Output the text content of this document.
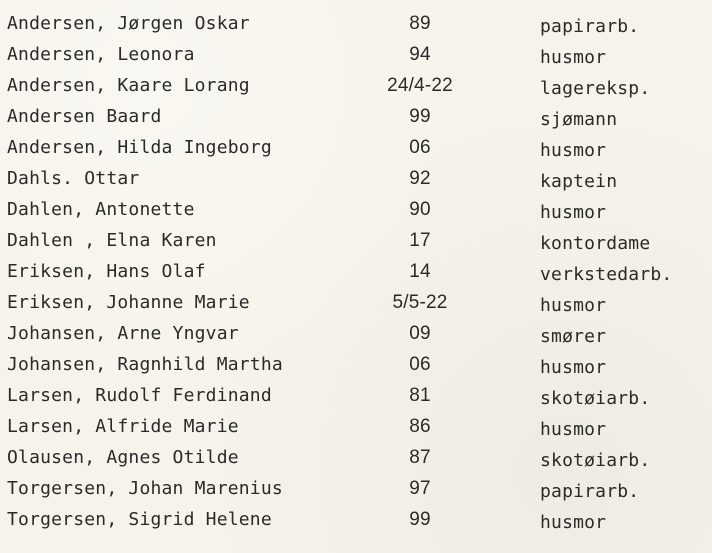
Andersen, Jørgen Oskar	89	papirarb.
Andersen, Leonora	94	husmor
Andersen, Kaare Lorang	24/4-22	lagereksp.
Andersen Baard	99	sjømann
Andersen, Hilda Ingeborg	06	husmor
Dahls. Ottar	92	kaptein
Dahlen, Antonette	90	husmor
Dahlen , Elna Karen	17	kontordame
Eriksen, Hans Olaf	14	verkstedarb.
Eriksen, Johanne Marie	5/5-22	husmor
Johansen, Arne Yngvar	09	smører
Johansen, Ragnhild Martha	06	husmor
Larsen, Rudolf Ferdinand	81	skotøiarb.
Larsen, Alfride Marie	86	husmor
Olausen, Agnes Otilde	87	skotøiarb.
Torgersen, Johan Marenius	97	papirarb.
Torgersen, Sigrid Helene	99	husmor
